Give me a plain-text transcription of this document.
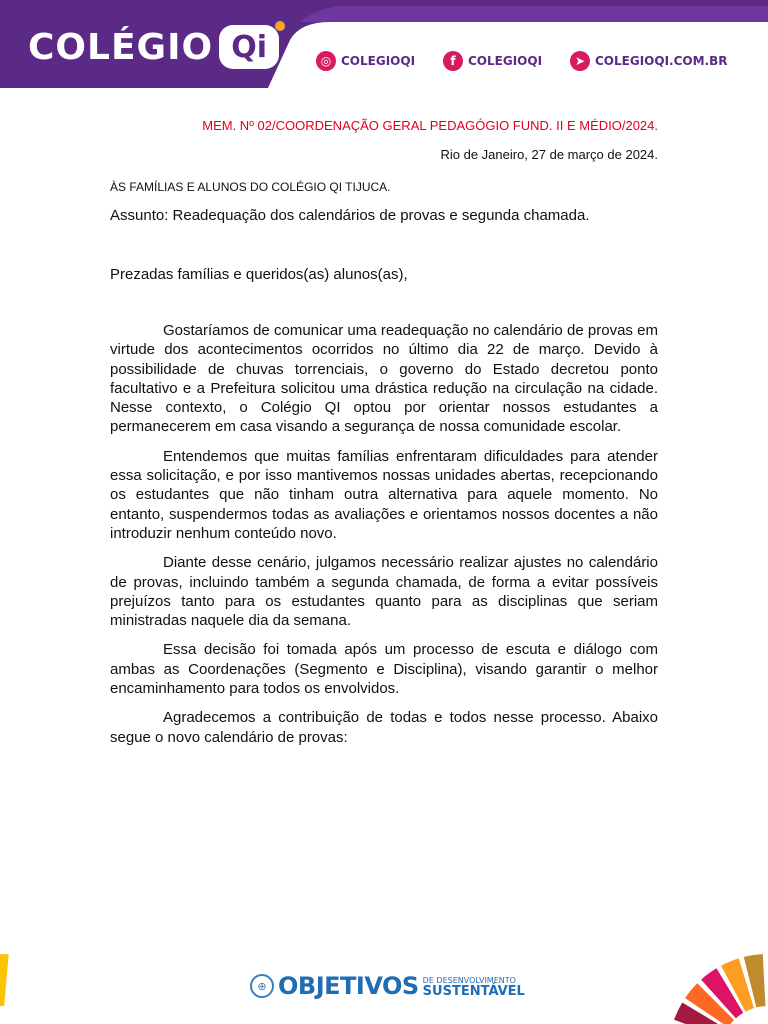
COLÉGIO Qi	◎ COLEGIOQI	f	COLEGIOQI	➤ COLEGIOQI.COM.BR
MEM. Nº 02/COORDENAÇÃO GERAL PEDAGÓGIO FUND. II E MÉDIO/2024.
Rio de Janeiro, 27 de março de 2024.
ÀS FAMÍLIAS E ALUNOS DO COLÉGIO QI TIJUCA.
Assunto: Readequação dos calendários de provas e segunda chamada.
Prezadas famílias e queridos(as) alunos(as),

Gostaríamos de comunicar uma readequação no calendário de provas em virtude dos acontecimentos ocorridos no último dia 22 de março. Devido à possibilidade de chuvas torrenciais, o governo do Estado decretou ponto facultativo e a Prefeitura solicitou uma drástica redução na circulação na cidade. Nesse contexto, o Colégio QI optou por orientar nossos estudantes a permanecerem em casa visando a segurança de nossa comunidade escolar.

Entendemos que muitas famílias enfrentaram dificuldades para atender essa solicitação, e por isso mantivemos nossas unidades abertas, recepcionando os estudantes que não tinham outra alternativa para aquele momento. No entanto, suspendermos todas as avaliações e orientamos nossos docentes a não introduzir nenhum conteúdo novo.

Diante desse cenário, julgamos necessário realizar ajustes no calendário de provas, incluindo também a segunda chamada, de forma a evitar possíveis prejuízos tanto para os estudantes quanto para as disciplinas que seriam ministradas naquele dia da semana.

Essa decisão foi tomada após um processo de escuta e diálogo com ambas as Coordenações (Segmento e Disciplina), visando garantir o melhor encaminhamento para todos os envolvidos.

Agradecemos a contribuição de todas e todos nesse processo. Abaixo segue o novo calendário de provas:

⊕ OBJETIVOS DE DESENVOLVIMENTO
SUSTENTÁVEL
